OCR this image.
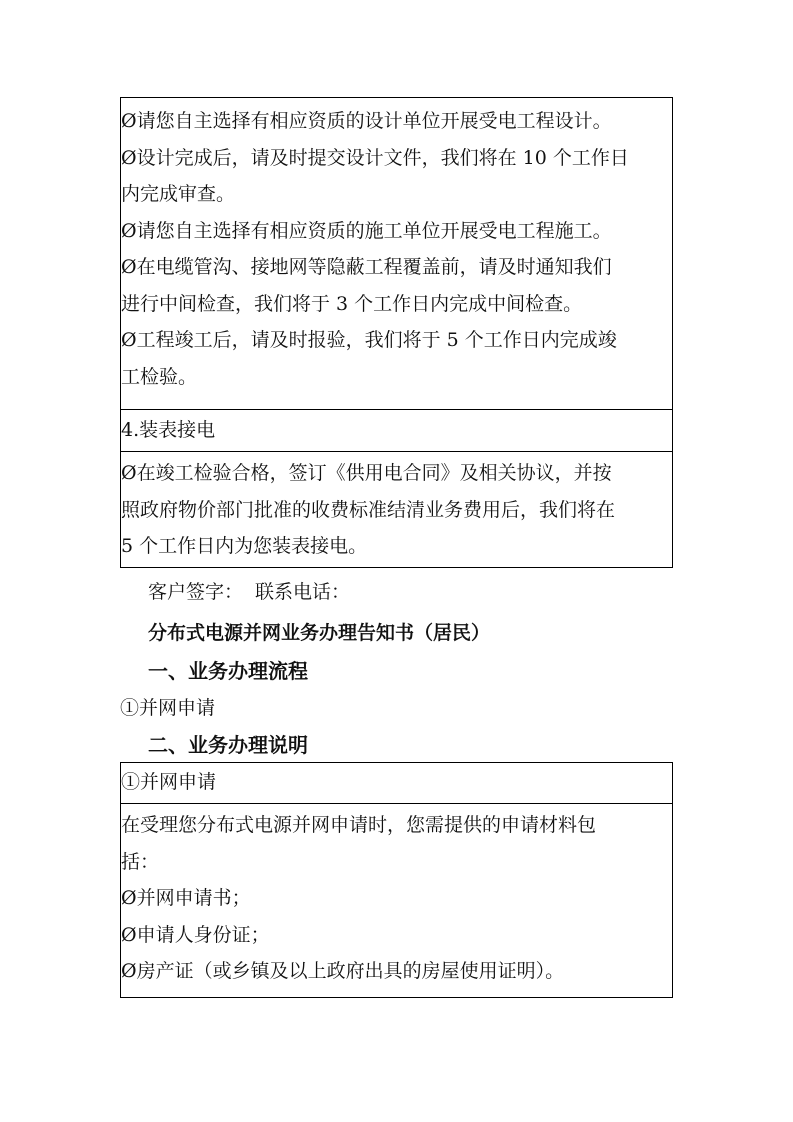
Ø请您自主选择有相应资质的设计单位开展受电工程设计。
Ø设计完成后，请及时提交设计文件，我们将在 10 个工作日
内完成审查。
Ø请您自主选择有相应资质的施工单位开展受电工程施工。
Ø在电缆管沟、接地网等隐蔽工程覆盖前，请及时通知我们
进行中间检查，我们将于 3 个工作日内完成中间检查。
Ø工程竣工后，请及时报验，我们将于 5 个工作日内完成竣
工检验。
4.装表接电
Ø在竣工检验合格，签订《供用电合同》及相关协议，并按
照政府物价部门批准的收费标准结清业务费用后，我们将在
5 个工作日内为您装表接电。
客户签字： 联系电话：
分布式电源并网业务办理告知书（居民）
一、业务办理流程
①并网申请
二、业务办理说明
①并网申请
在受理您分布式电源并网申请时，您需提供的申请材料包
括：
Ø并网申请书；
Ø申请人身份证；
Ø房产证（或乡镇及以上政府出具的房屋使用证明）。
